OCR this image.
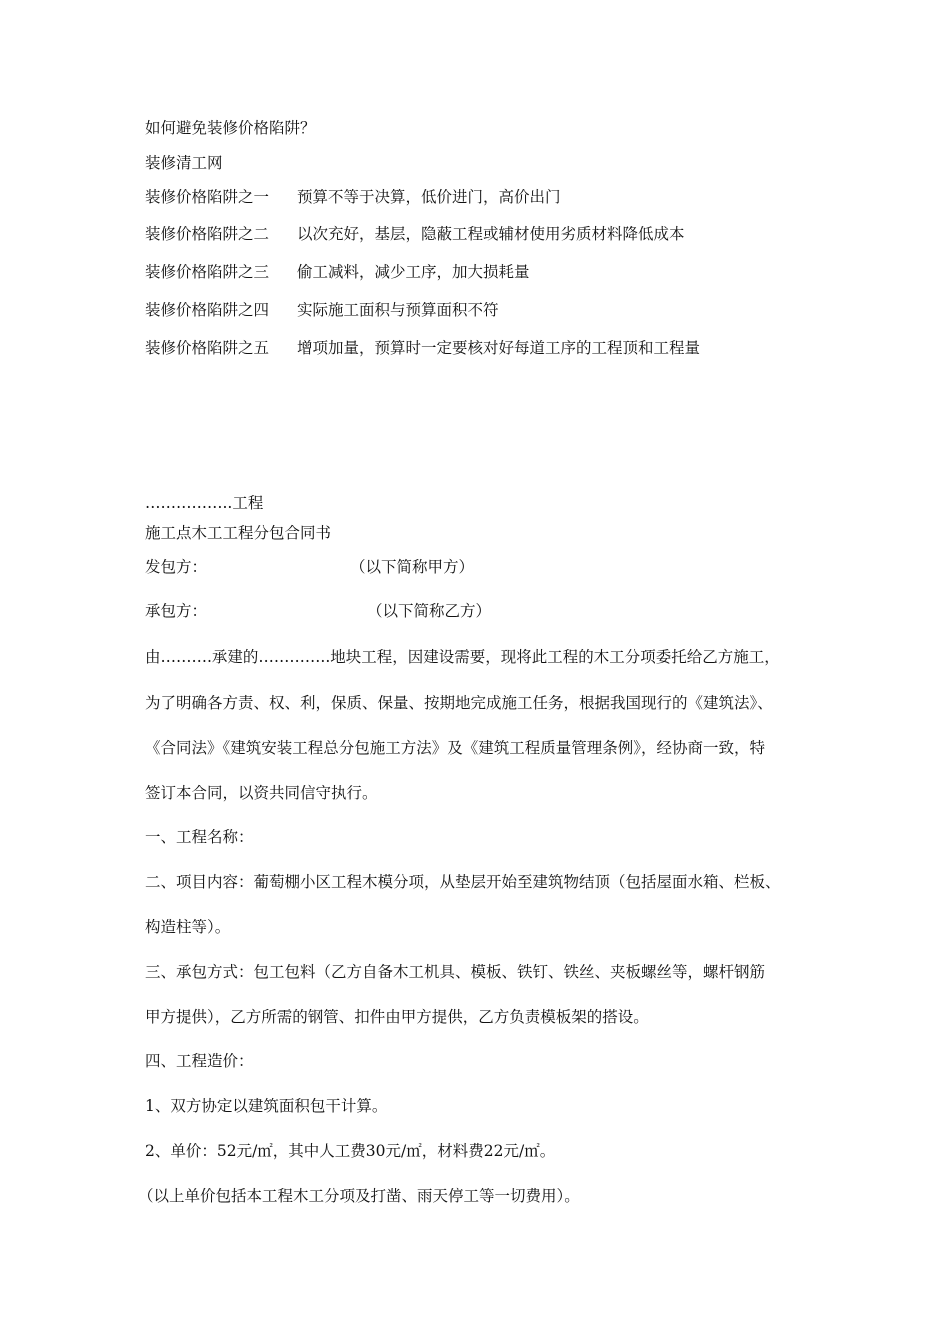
如何避免装修价格陷阱？
装修清工网
装修价格陷阱之一 预算不等于决算，低价进门，高价出门
装修价格陷阱之二 以次充好，基层，隐蔽工程或辅材使用劣质材料降低成本
装修价格陷阱之三 偷工减料，减少工序，加大损耗量
装修价格陷阱之四 实际施工面积与预算面积不符
装修价格陷阱之五 增项加量，预算时一定要核对好每道工序的工程顶和工程量
……………..工程
施工点木工工程分包合同书
发包方：	（以下简称甲方）
承包方：	（以下简称乙方）
由……….承建的…………..地块工程，因建设需要，现将此工程的木工分项委托给乙方施工，
为了明确各方责、权、利，保质、保量、按期地完成施工任务，根据我国现行的《建筑法》、
《合同法》《建筑安装工程总分包施工方法》及《建筑工程质量管理条例》，经协商一致，特
签订本合同，以资共同信守执行。
一、工程名称：
二、项目内容：葡萄棚小区工程木模分项，从垫层开始至建筑物结顶（包括屋面水箱、栏板、
构造柱等）。
三、承包方式：包工包料（乙方自备木工机具、模板、铁钉、铁丝、夹板螺丝等，螺杆钢筋
甲方提供），乙方所需的钢管、扣件由甲方提供，乙方负责模板架的搭设。
四、工程造价：
1、双方协定以建筑面积包干计算。
2、单价：52元/㎡，其中人工费30元/㎡，材料费22元/㎡。
（以上单价包括本工程木工分项及打凿、雨天停工等一切费用）。
